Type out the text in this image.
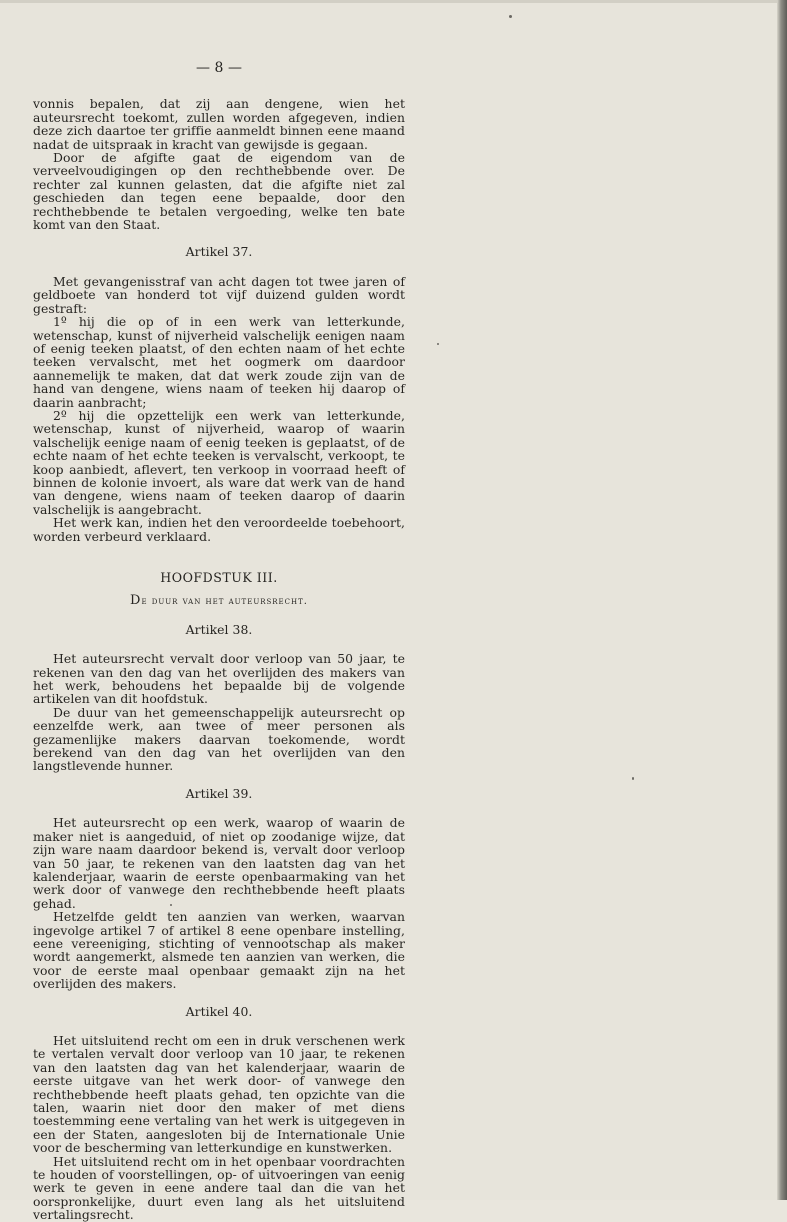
— 8 —

vonnis bepalen, dat zij aan dengene, wien het auteursrecht toekomt, zullen worden afgegeven, indien deze zich daartoe ter griffie aanmeldt binnen eene maand nadat de uitspraak in kracht van gewijsde is gegaan.

Door de afgifte gaat de eigendom van de verveelvoudigingen op den rechthebbende over. De rechter zal kunnen gelasten, dat die afgifte niet zal geschieden dan tegen eene bepaalde, door den rechthebbende te betalen vergoeding, welke ten bate komt van den Staat.

Artikel 37.

Met gevangenisstraf van acht dagen tot twee jaren of geldboete van honderd tot vijf duizend gulden wordt gestraft:

1º hij die op of in een werk van letterkunde, wetenschap, kunst of nijverheid valschelijk eenigen naam of eenig teeken plaatst, of den echten naam of het echte teeken vervalscht, met het oogmerk om daardoor aannemelijk te maken, dat dat werk zoude zijn van de hand van dengene, wiens naam of teeken hij daarop of daarin aanbracht;

2º hij die opzettelijk een werk van letterkunde, wetenschap, kunst of nijverheid, waarop of waarin valschelijk eenige naam of eenig teeken is geplaatst, of de echte naam of het echte teeken is vervalscht, verkoopt, te koop aanbiedt, aflevert, ten verkoop in voorraad heeft of binnen de kolonie invoert, als ware dat werk van de hand van dengene, wiens naam of teeken daarop of daarin valschelijk is aangebracht.

Het werk kan, indien het den veroordeelde toebehoort, worden verbeurd verklaard.

HOOFDSTUK III.
De duur van het auteursrecht.
Artikel 38.

Het auteursrecht vervalt door verloop van 50 jaar, te rekenen van den dag van het overlijden des makers van het werk, behoudens het bepaalde bij de volgende artikelen van dit hoofdstuk.

De duur van het gemeenschappelijk auteursrecht op eenzelfde werk, aan twee of meer personen als gezamenlijke makers daarvan toekomende, wordt berekend van den dag van het overlijden van den langstlevende hunner.

Artikel 39.

Het auteursrecht op een werk, waarop of waarin de maker niet is aangeduid, of niet op zoodanige wijze, dat zijn ware naam daardoor bekend is, vervalt door verloop van 50 jaar, te rekenen van den laatsten dag van het kalenderjaar, waarin de eerste openbaarmaking van het werk door of vanwege den rechthebbende heeft plaats gehad.

Hetzelfde geldt ten aanzien van werken, waarvan ingevolge artikel 7 of artikel 8 eene openbare instelling, eene vereeniging, stichting of vennootschap als maker wordt aangemerkt, alsmede ten aanzien van werken, die voor de eerste maal openbaar gemaakt zijn na het overlijden des makers.

Artikel 40.

Het uitsluitend recht om een in druk verschenen werk te vertalen vervalt door verloop van 10 jaar, te rekenen van den laatsten dag van het kalenderjaar, waarin de eerste uitgave van het werk door- of vanwege den rechthebbende heeft plaats gehad, ten opzichte van die talen, waarin niet door den maker of met diens toestemming eene vertaling van het werk is uitgegeven in een der Staten, aangesloten bij de Internationale Unie voor de bescherming van letterkundige en kunstwerken.

Het uitsluitend recht om in het openbaar voordrachten te houden of voorstellingen, op- of uitvoeringen van eenig werk te geven in eene andere taal dan die van het oorspronkelijke, duurt even lang als het uitsluitend vertalingsrecht.
